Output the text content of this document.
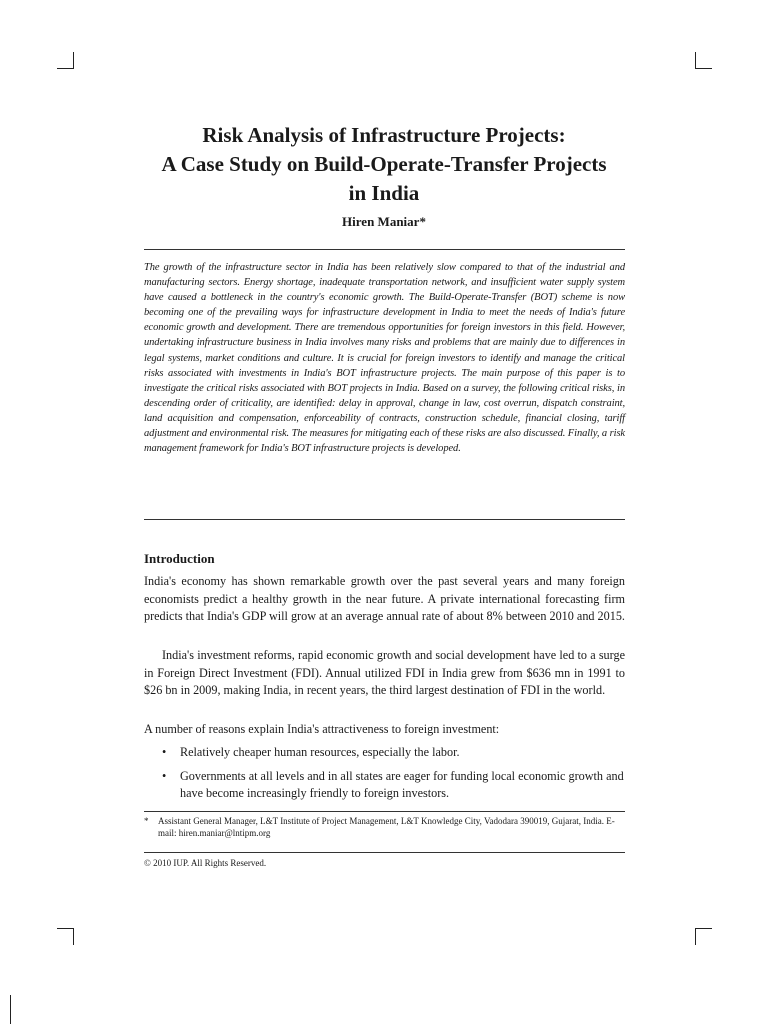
Risk Analysis of Infrastructure Projects:
A Case Study on Build-Operate-Transfer Projects
in India

Hiren Maniar*

The growth of the infrastructure sector in India has been relatively slow compared to that of the industrial and manufacturing sectors. Energy shortage, inadequate transportation network, and insufficient water supply system have caused a bottleneck in the country's economic growth. The Build-Operate-Transfer (BOT) scheme is now becoming one of the prevailing ways for infrastructure development in India to meet the needs of India's future economic growth and development. There are tremendous opportunities for foreign investors in this field. However, undertaking infrastructure business in India involves many risks and problems that are mainly due to differences in legal systems, market conditions and culture. It is crucial for foreign investors to identify and manage the critical risks associated with investments in India's BOT infrastructure projects. The main purpose of this paper is to investigate the critical risks associated with BOT projects in India. Based on a survey, the following critical risks, in descending order of criticality, are identified: delay in approval, change in law, cost overrun, dispatch constraint, land acquisition and compensation, enforceability of contracts, construction schedule, financial closing, tariff adjustment and environmental risk. The measures for mitigating each of these risks are also discussed. Finally, a risk management framework for India's BOT infrastructure projects is developed.

Introduction

India's economy has shown remarkable growth over the past several years and many foreign economists predict a healthy growth in the near future. A private international forecasting firm predicts that India's GDP will grow at an average annual rate of about 8% between 2010 and 2015.

India's investment reforms, rapid economic growth and social development have led to a surge in Foreign Direct Investment (FDI). Annual utilized FDI in India grew from $636 mn in 1991 to $26 bn in 2009, making India, in recent years, the third largest destination of FDI in the world.

A number of reasons explain India's attractiveness to foreign investment:

• Relatively cheaper human resources, especially the labor.
• Governments at all levels and in all states are eager for funding local economic growth and have become increasingly friendly to foreign investors.

*	Assistant General Manager, L&T Institute of Project Management, L&T Knowledge City, Vadodara 390019, Gujarat, India. E-mail: hiren.maniar@lntipm.org

© 2010 IUP. All Rights Reserved.
